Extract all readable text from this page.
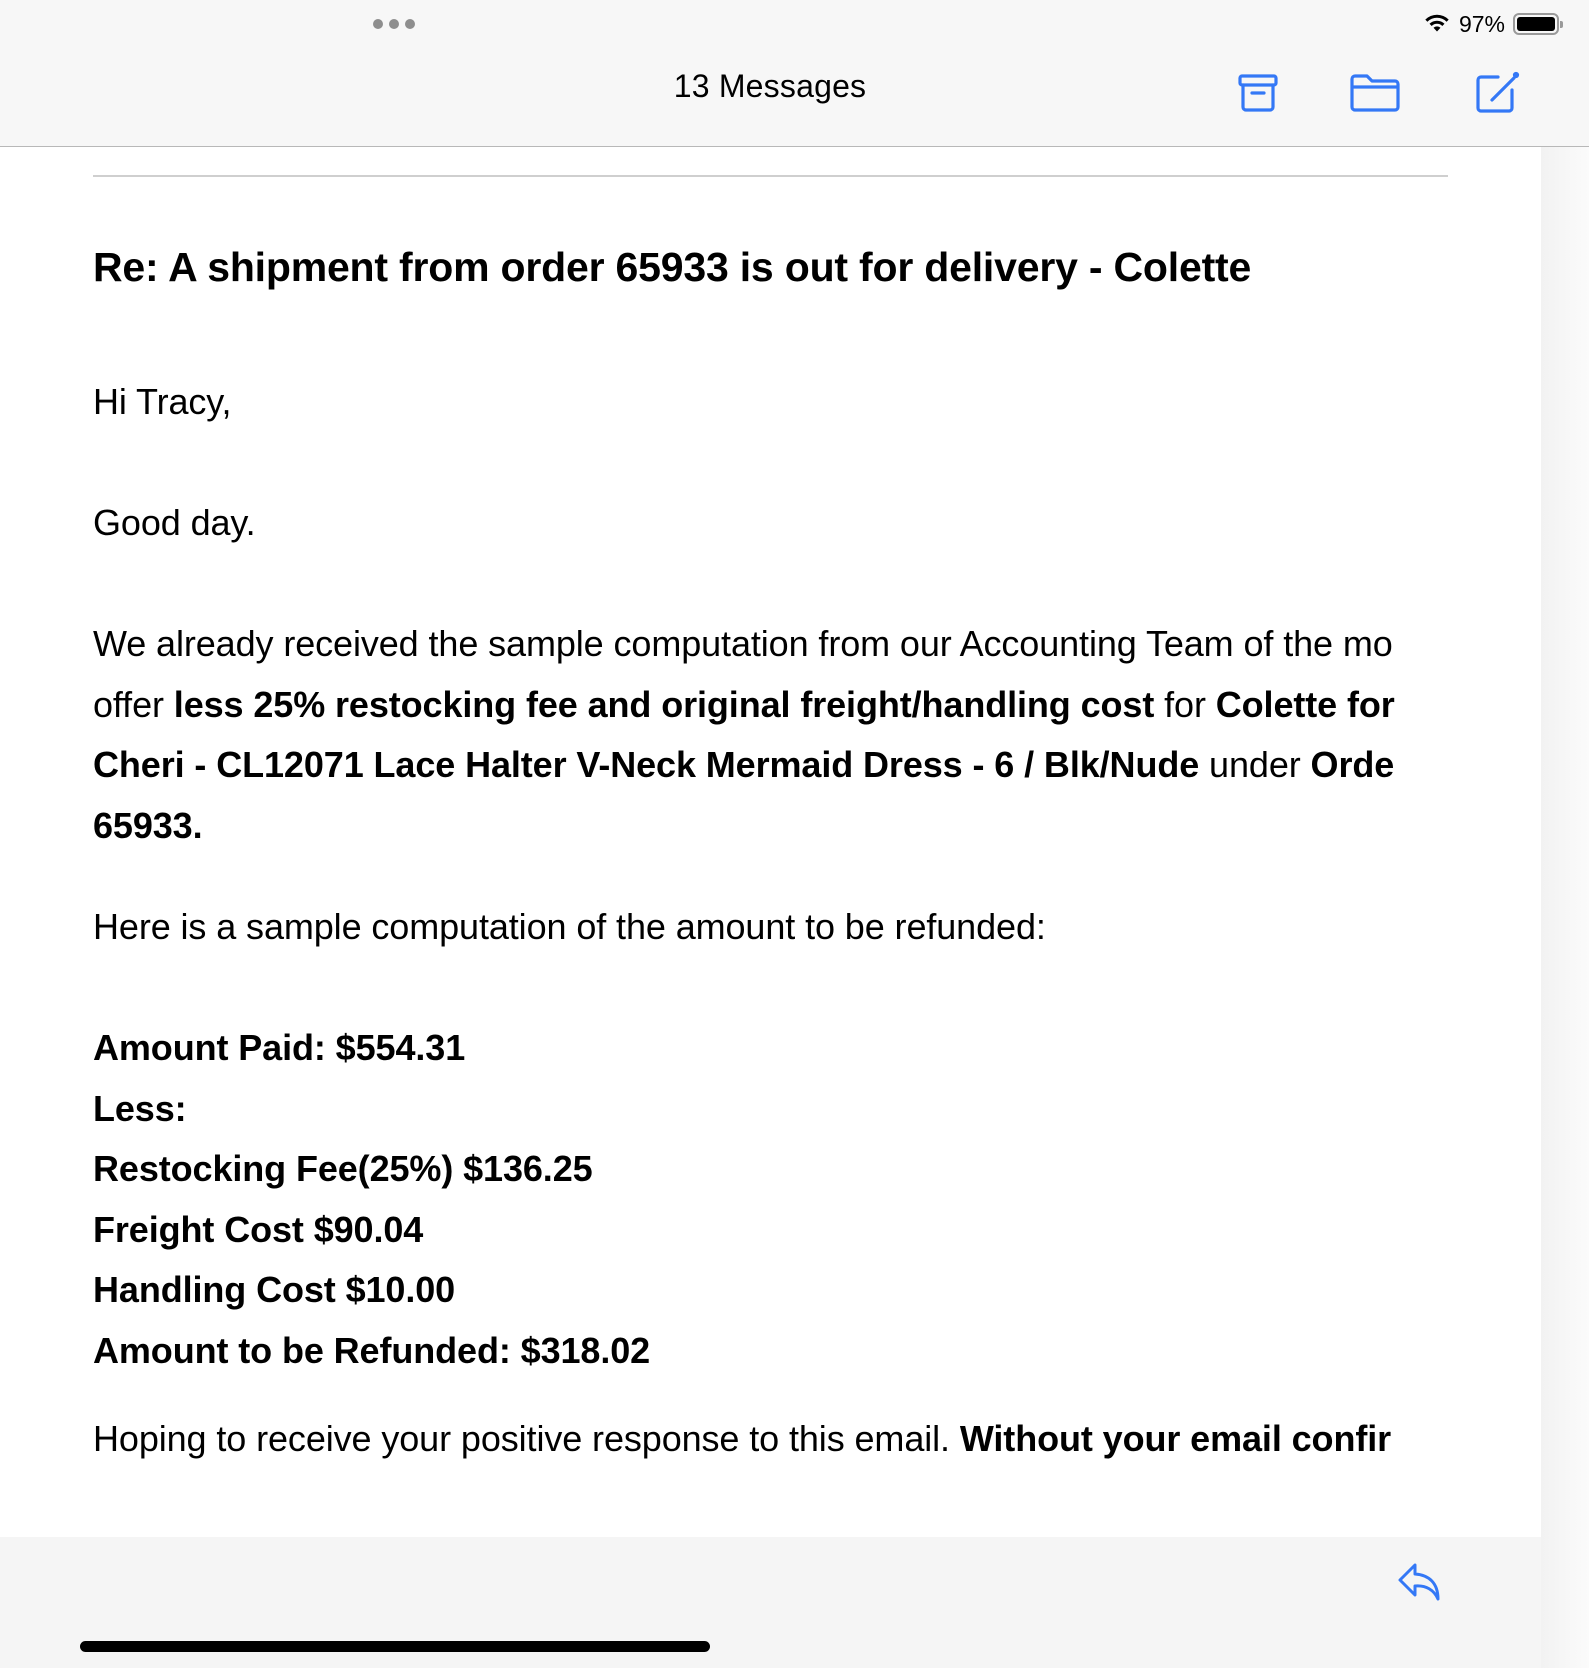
97%
13 Messages
Re: A shipment from order 65933 is out for delivery - Colette
Hi Tracy,
Good day.
We already received the sample computation from our Accounting Team of the mo
offer less 25% restocking fee and original freight/handling cost for Colette for
Cheri - CL12071 Lace Halter V-Neck Mermaid Dress - 6 / Blk/Nude under Orde
65933.
Here is a sample computation of the amount to be refunded:
Amount Paid: $554.31
Less:
Restocking Fee(25%) $136.25
Freight Cost $90.04
Handling Cost $10.00
Amount to be Refunded: $318.02
Hoping to receive your positive response to this email. Without your email confir
